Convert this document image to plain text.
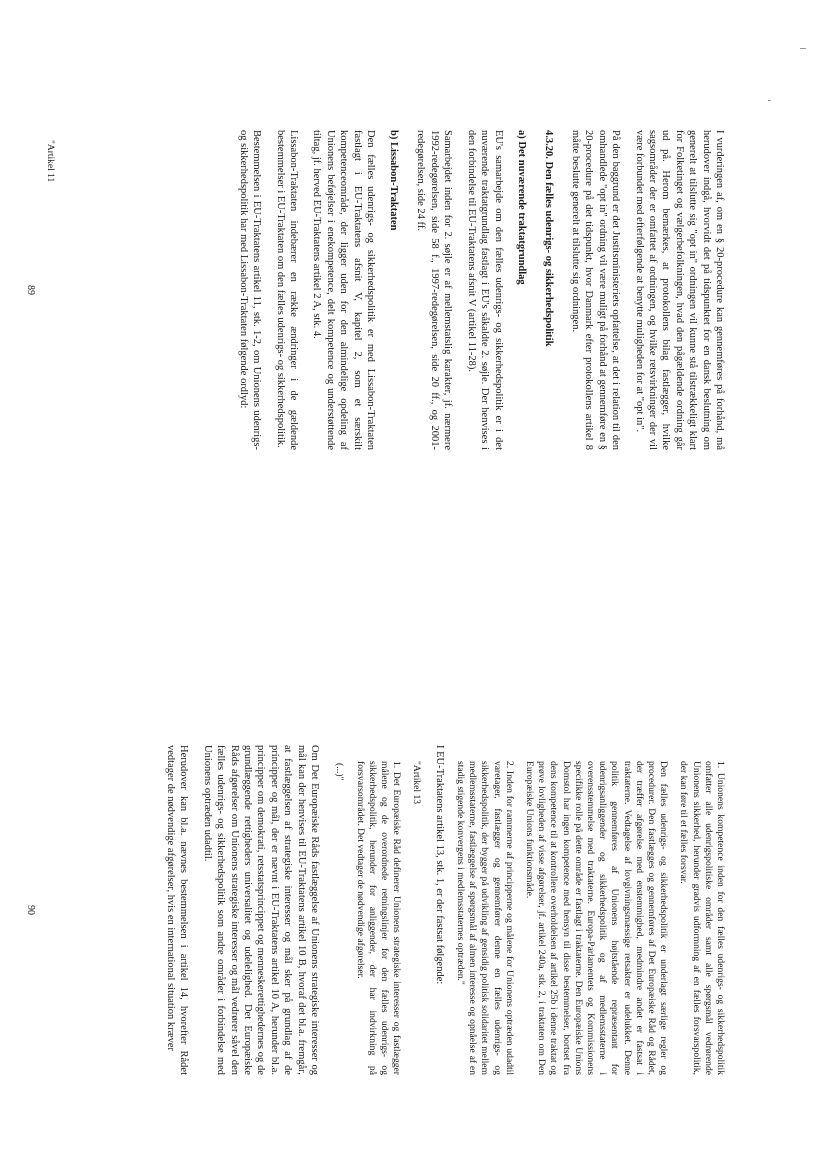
I vurderingen af, om en § 20-procedure kan gennemføres på forhånd, må herudover indgå, hvorvidt det på tidspunktet for en dansk beslutning om generelt at tilslutte sig "opt in" ordningen vil kunne stå tilstrækkeligt klart for Folketinget og vælgerbefolkningen, hvad den pågældende ordning går ud på. Herom bemærkes, at protokollens bilag fastlægger, hvilke sagsområder der er omfattet af ordningen, og hvilke retsvirkninger der vil være forbundet med efterfølgende at benytte muligheden for at "opt in".

På den baggrund er det Justitsministeriets opfattelse, at det i relation til den omhandlede "opt in" ordning vil være muligt på forhånd at gennemføre en § 20-procedure på det tidspunkt, hvor Danmark efter protokollens artikel 8 måtte beslutte generelt at tilslutte sig ordningen.

4.3.20. Den fælles udenrigs- og sikkerhedspolitik
a) Det nuværende traktatgrundlag

EU's samarbejde om den fælles udenrigs- og sikkerhedspolitik er i det nuværende traktatgrundlag fastlagt i EU's såkaldte 2. søjle. Der henvises i den forbindelse til EU-Traktatens afsnit V (artikel 11-28).

Samarbejdet inden for 2. søjle er af mellemstatslig karakter, jf. nærmere 1992-redegørelsen, side 58 f., 1997-redegørelsen, side 20 ff., og 2001-redegørelsen, side 24 ff.

b) Lissabon-Traktaten

Den fælles udenrigs- og sikkerhedspolitik er med Lissabon-Traktaten fastlagt i EU-Traktatens afsnit V, kapitel 2, som et særskilt kompetenceområde, der ligger uden for den almindelige opdeling af Unionens beføjelser i enekompetence, delt kompetence og understøttende tiltag, jf. herved EU-Traktatens artikel 2 A, stk. 4.

Lissabon-Traktaten indebærer en række ændringer i de gældende bestemmelser i EU-Traktaten om den fælles udenrigs- og sikkerhedspolitik.

Bestemmelsen i EU-Traktatens artikel 11, stk. 1-2, om Unionens udenrigs- og sikkerhedspolitik har med Lissabon-Traktaten følgende ordlyd:

"Artikel 11

89

1. Unionens kompetence inden for den fælles udenrigs- og sikkerhedspolitik omfatter alle udenrigspolitiske områder samt alle spørgsmål vedrørende Unionens sikkerhed, herunder gradvis udformning af en fælles forsvarspolitik, der kan føre til et fælles forsvar.

Den fælles udenrigs- og sikkerhedspolitik er underlagt særlige regler og procedurer. Den fastlægges og gennemføres af Det Europæiske Råd og Rådet, der træffer afgørelse med enstemmighed, medmindre andet er fastsat i traktaterne. Vedtagelse af lovgivningsmæssige retsakter er udelukket. Denne politik gennemføres af Unionens højtstående repræsentant for udenrigsanliggender og sikkerhedspolitik og af medlemsstaterne i overensstemmelse med traktaterne. Europa-Parlamentets og Kommissionens specifikke rolle på dette område er fastlagt i traktaterne. Den Europæiske Unions Domstol har ingen kompetence med hensyn til disse bestemmelser, bortset fra dens kompetence til at kontrollere overholdelsen af artikel 25b i denne traktat og prøve lovligheden af visse afgørelser, jf. artikel 240a, stk. 2, i traktaten om Den Europæiske Unions funktionsmåde.

2. Inden for rammerne af principperne og målene for Unionens optræden udadtil varetager, fastlægger og gennemfører denne en fælles udenrigs- og sikkerhedspolitik, der bygger på udvikling af gensidig politisk solidaritet mellem medlemsstaterne, fastlæggelse af spørgsmål af almen interesse og opnåelse af en stadig stigende konvergens i medlemsstaternes optræden."

I EU-Traktatens artikel 13, stk. 1, er der fastsat følgende:

"Artikel 13

1. Det Europæiske Råd definerer Unionens strategiske interesser og fastlægger målene og de overordnede retningslinjer for den fælles udenrigs- og sikkerhedspolitik, herunder for anliggender, der har indvirkning på forsvarsområdet. Det vedtager de nødvendige afgørelser.

(...)"

Om Det Europæiske Råds fastlæggelse af Unionens strategiske interesser og mål kan der henvises til EU-Traktatens artikel 10 B, hvoraf det bl.a. fremgår, at fastlæggelsen af strategiske interesser og mål sker på grundlag af de principper og mål, der er nævnt i EU-Traktatens artikel 10 A, herunder bl.a. principper om demokrati, retsstatsprincippet og menneskerettighedernes og de grundlæggende rettigheders universalitet og udelelighed. Det Europæiske Råds afgørelser om Unionens strategiske interesser og mål vedrører såvel den fælles udenrigs- og sikkerhedspolitik som andre områder i forbindelse med Unionens optræden udadtil.

Herudover kan bl.a. nævnes bestemmelsen i artikel 14, hvorefter Rådet vedtager de nødvendige afgørelser, hvis en international situation kræver

90
